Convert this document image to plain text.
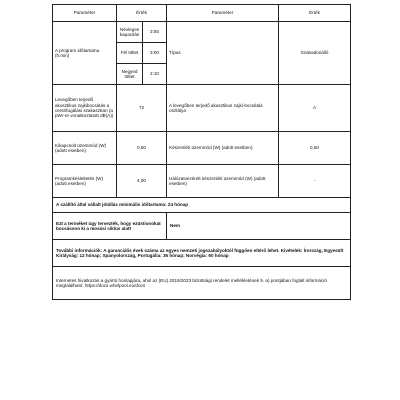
Paraméter	Érték		Paraméter	Érték
A program időtartama (h:min)	Névleges kapacitás	3:55	Típus	Szabadonálló
	Fél töltet	3:00		
	Negyed töltet	2:10		
Levegőben terjedő akusztikus zajkibocsátás a centrifugálási szakaszban (a pWr-re vonatkoztatott dB(A))	72		A levegőben terjedő akusztikus zajki-bocsátás osztálya	A
Kikapcsolt üzemmód (W) (adott esetben)	0,50		Készenléti üzemmód (W) (adott esetben)	0,50
Programkésleltetés (W) (adott esetben)	4,00		Hálózatvezérelt készenléti üzemmód (W) (adott esetben)	-
A szállító által vállalt jótállás minimális időtartama: 24 hónap				
Ezt a terméket úgy tervezték, hogy ezüstionokat bocsásson ki a mosási ciklus alatt			Nem	
További információk: A garanciális évek száma az egyes nemzeti jogszabályoktól függően eltérő lehet. Kivételek: Írország, Egyesült Királyság: 12 hónap; Spanyolország, Portugália: 36 hónap; Norvégia: 60 hónap				
Internetes hivatkozás a gyártó honlapjára, ahol az (EU) 2019/2023 bizottsági rendelet mellékletének 9. a) pontjában foglalt információ megtalálható: https://docs.whirlpool.eu/docs				
